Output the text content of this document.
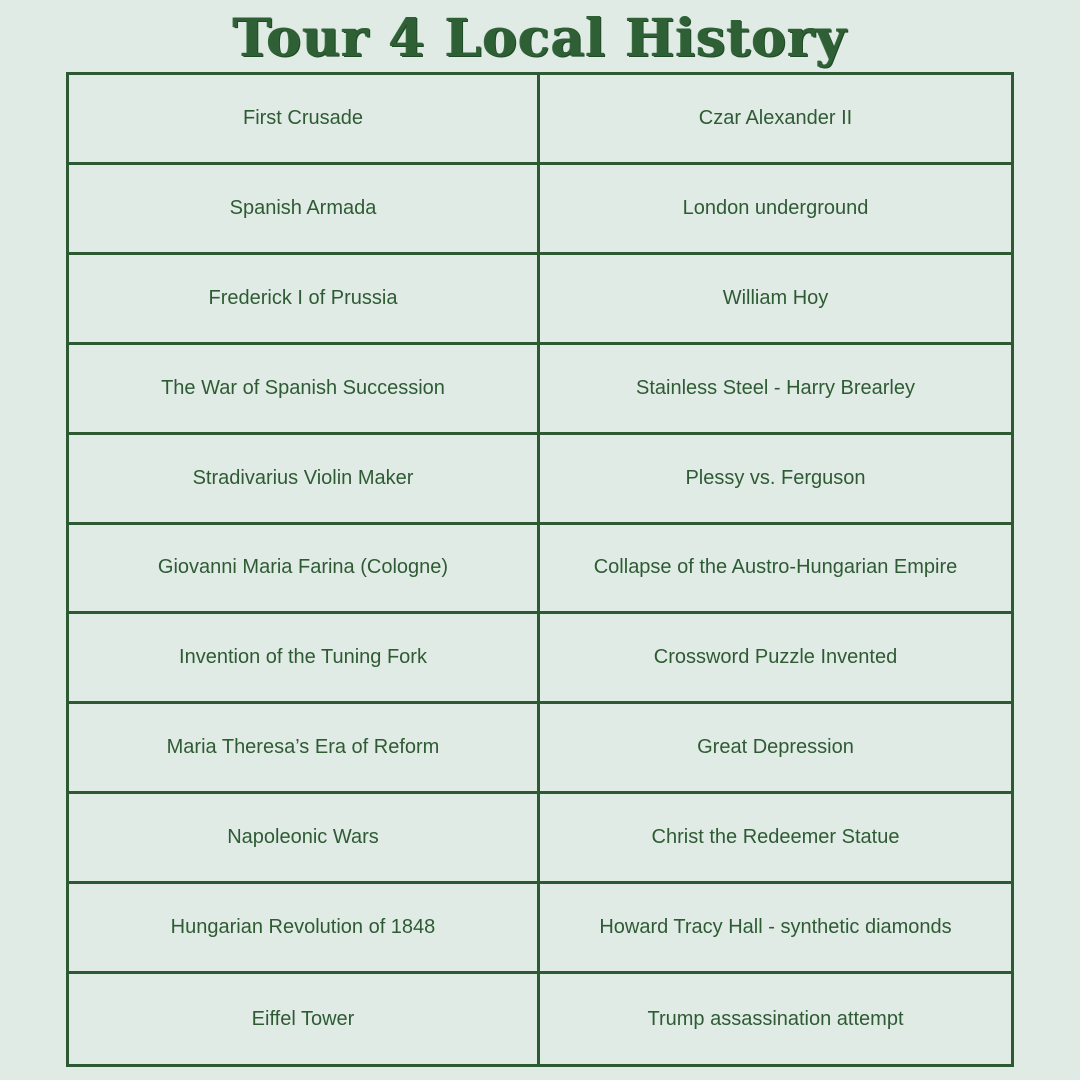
Tour 4 Local History
First Crusade	Czar Alexander II
Spanish Armada	London underground
Frederick I of Prussia	William Hoy
The War of Spanish Succession	Stainless Steel - Harry Brearley
Stradivarius Violin Maker	Plessy vs. Ferguson
Giovanni Maria Farina (Cologne)	Collapse of the Austro-Hungarian Empire
Invention of the Tuning Fork	Crossword Puzzle Invented
Maria Theresa’s Era of Reform	Great Depression
Napoleonic Wars	Christ the Redeemer Statue
Hungarian Revolution of 1848	Howard Tracy Hall - synthetic diamonds
Eiffel Tower	Trump assassination attempt
